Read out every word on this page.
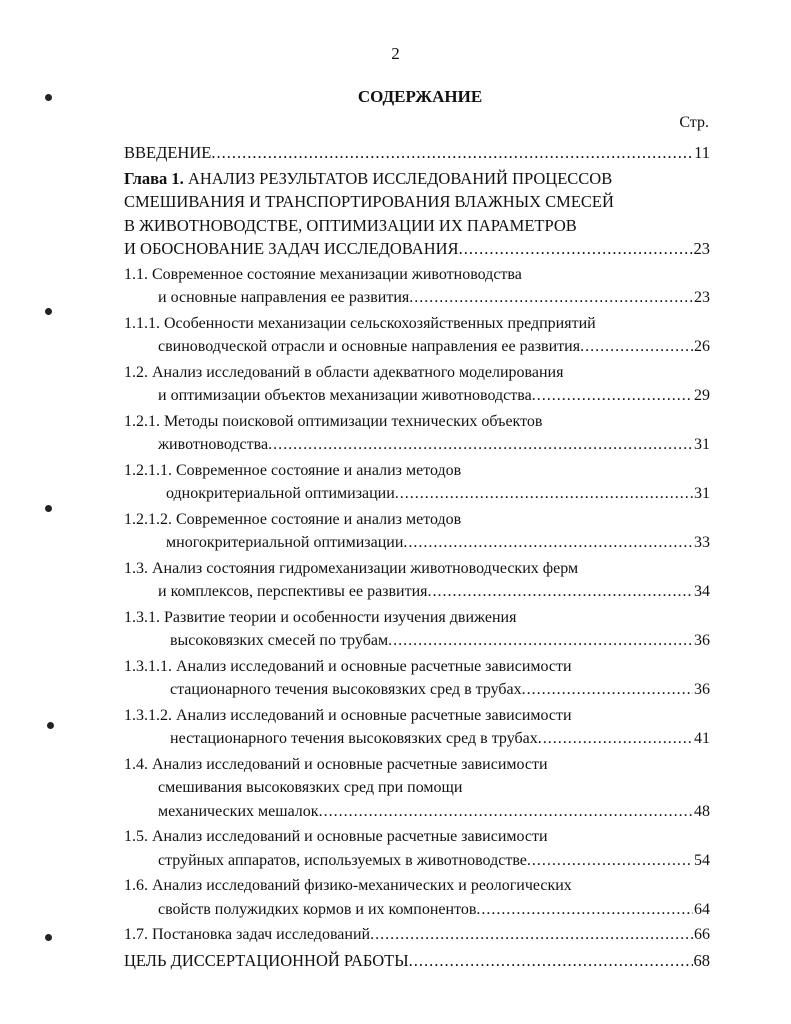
2
СОДЕРЖАНИЕ
Стр.
ВВЕДЕНИЕ .....	11
Глава 1. АНАЛИЗ РЕЗУЛЬТАТОВ ИССЛЕДОВАНИЙ ПРОЦЕССОВ
СМЕШИВАНИЯ И ТРАНСПОРТИРОВАНИЯ ВЛАЖНЫХ СМЕСЕЙ
В ЖИВОТНОВОДСТВЕ, ОПТИМИЗАЦИИ ИХ ПАРАМЕТРОВ
И ОБОСНОВАНИЕ ЗАДАЧ ИССЛЕДОВАНИЯ .....	23
1.1. Современное состояние механизации животноводства
и основные направления ее развития .....	23
1.1.1. Особенности механизации сельскохозяйственных предприятий
свиноводческой отрасли и основные направления ее развития .....	26
1.2. Анализ исследований в области адекватного моделирования
и оптимизации объектов механизации животноводства .....	29
1.2.1. Методы поисковой оптимизации технических объектов
животноводства .....	31
1.2.1.1. Современное состояние и анализ методов
однокритериальной оптимизации .....	31
1.2.1.2. Современное состояние и анализ методов
многокритериальной оптимизации .....	33
1.3. Анализ состояния гидромеханизации животноводческих ферм
и комплексов, перспективы ее развития .....	34
1.3.1. Развитие теории и особенности изучения движения
высоковязких смесей по трубам .....	36
1.3.1.1. Анализ исследований и основные расчетные зависимости
стационарного течения высоковязких сред в трубах .....	36
1.3.1.2. Анализ исследований и основные расчетные зависимости
нестационарного течения высоковязких сред в трубах .....	41
1.4. Анализ исследований и основные расчетные зависимости
смешивания высоковязких сред при помощи
механических мешалок .....	48
1.5. Анализ исследований и основные расчетные зависимости
струйных аппаратов, используемых в животноводстве .....	54
1.6. Анализ исследований физико-механических и реологических
свойств полужидких кормов и их компонентов .....	64
1.7. Постановка задач исследований .....	66
ЦЕЛЬ ДИССЕРТАЦИОННОЙ РАБОТЫ .....	68
